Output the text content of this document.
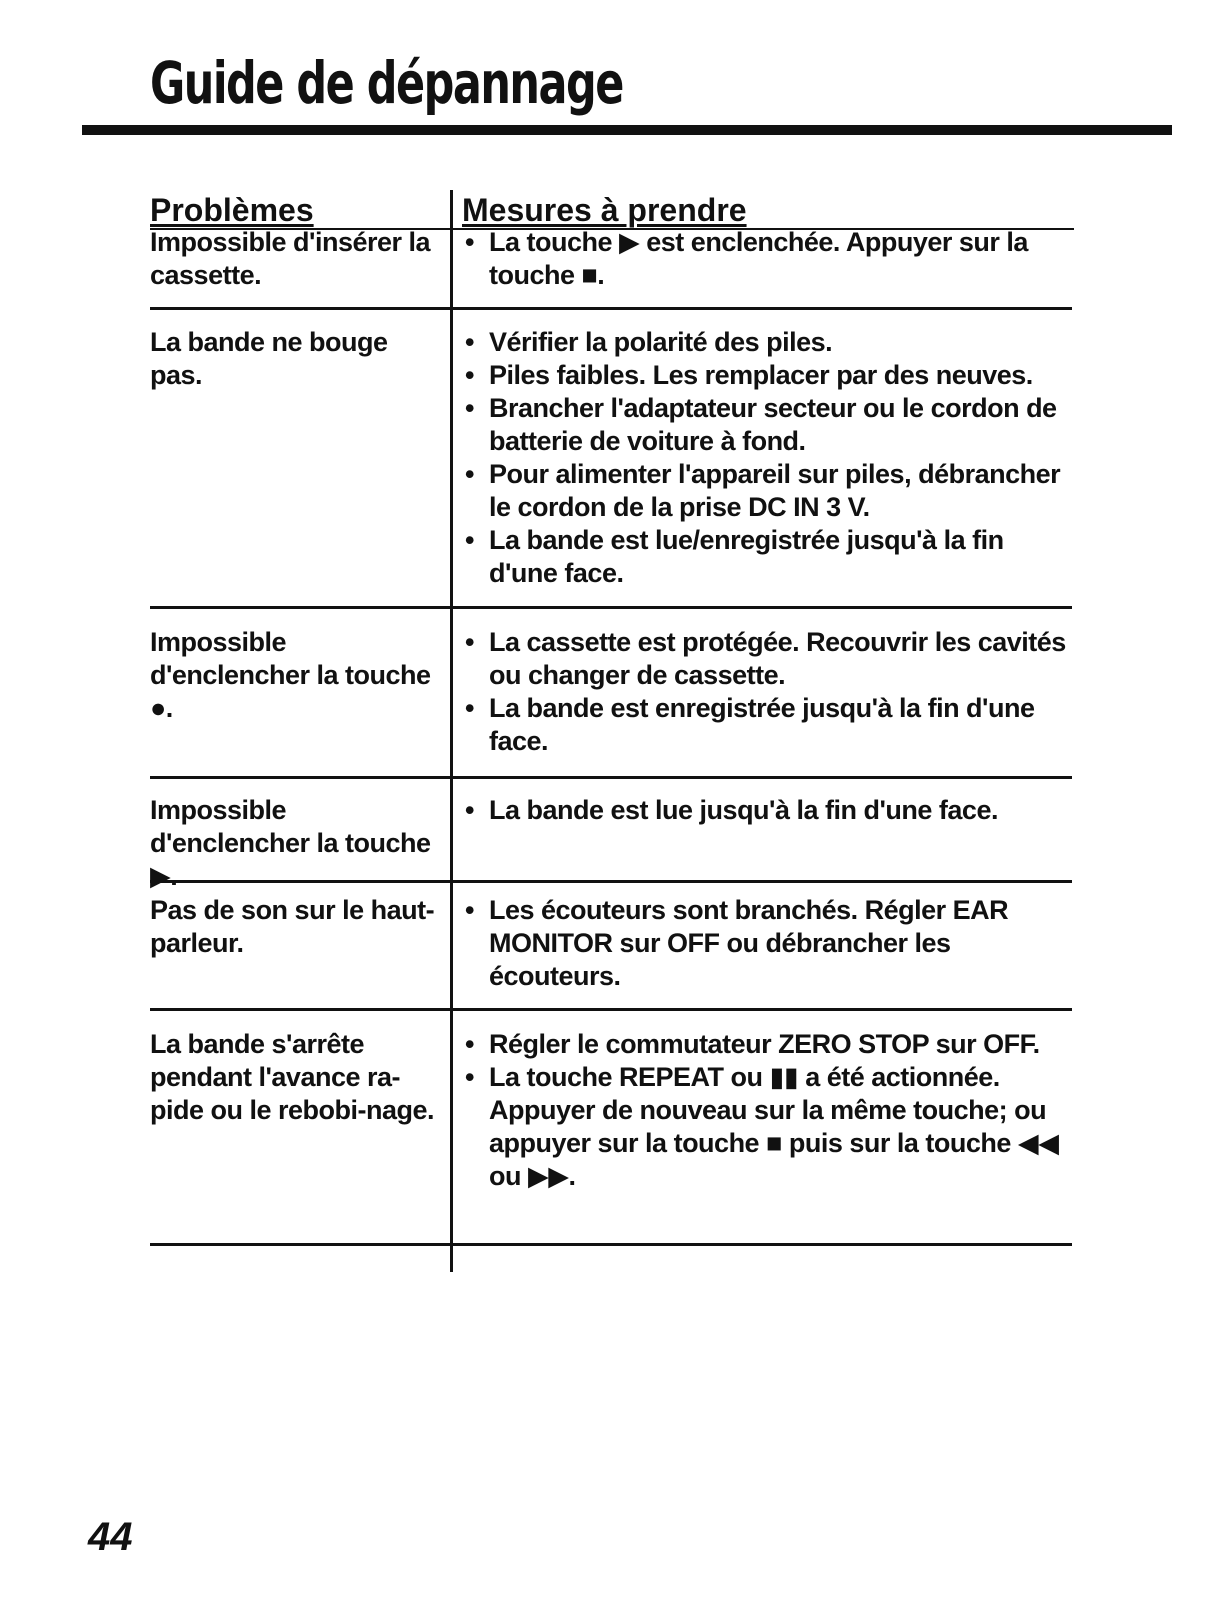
Guide de dépannage
Problèmes	Mesures à prendre
Impossible d'insérer la cassette.
• La touche ▶ est enclenchée. Appuyer sur la touche ■.
La bande ne bouge pas.
• Vérifier la polarité des piles.
• Piles faibles. Les remplacer par des neuves.
• Brancher l'adaptateur secteur ou le cordon de batterie de voiture à fond.
• Pour alimenter l'appareil sur piles, débrancher le cordon de la prise DC IN 3 V.
• La bande est lue/enregistrée jusqu'à la fin d'une face.
Impossible d'enclencher la touche ●.
• La cassette est protégée. Recouvrir les cavités ou changer de cassette.
• La bande est enregistrée jusqu'à la fin d'une face.
Impossible d'enclencher la touche ▶.
• La bande est lue jusqu'à la fin d'une face.
Pas de son sur le haut-parleur.
• Les écouteurs sont branchés. Régler EAR MONITOR sur OFF ou débrancher les écouteurs.
La bande s'arrête pendant l'avance ra-pide ou le rebobi-nage.
• Régler le commutateur ZERO STOP sur OFF.
• La touche REPEAT ou ▮▮ a été actionnée. Appuyer de nouveau sur la même touche; ou appuyer sur la touche ■ puis sur la touche ◀◀ ou ▶▶.
44
